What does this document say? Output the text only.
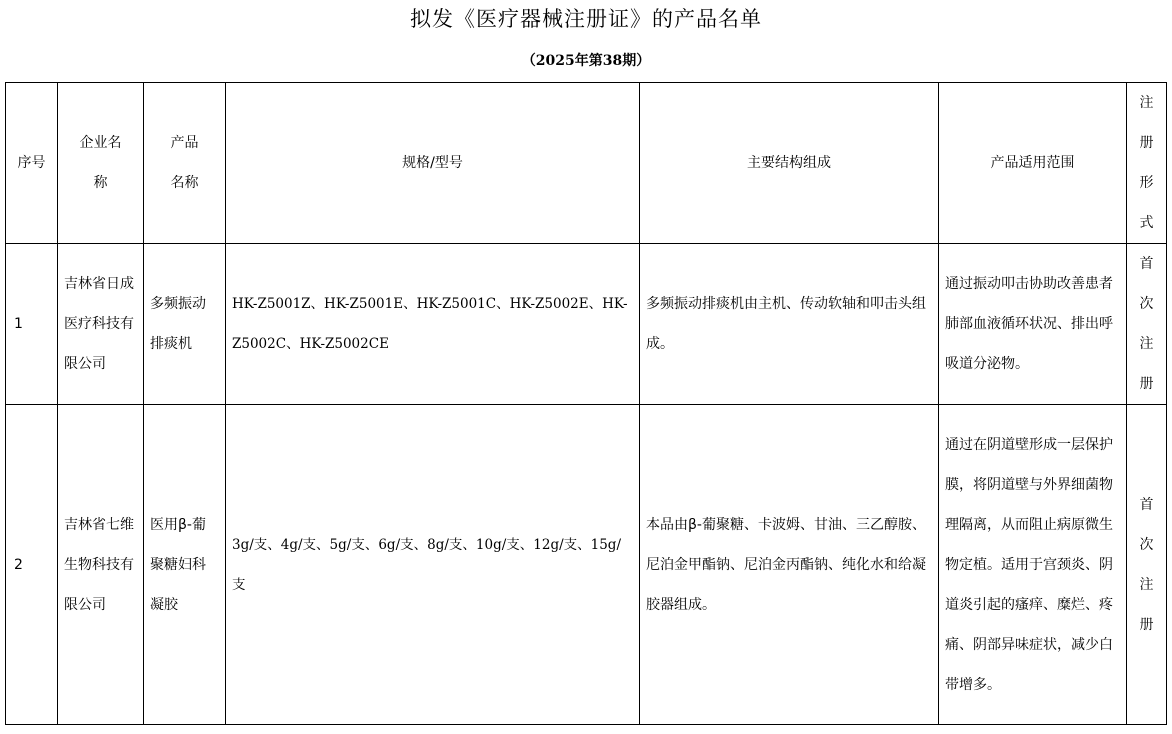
拟发《医疗器械注册证》的产品名单
（2025年第38期）
序号	企业名称	产品名称	规格/型号	主要结构组成	产品适用范围	注册形式
1	吉林省日成医疗科技有限公司	多频振动排痰机	HK-Z5001Z、HK-Z5001E、HK-Z5001C、HK-Z5002E、HK-Z5002C、HK-Z5002CE	多频振动排痰机由主机、传动软轴和叩击头组成。	通过振动叩击协助改善患者肺部血液循环状况、排出呼吸道分泌物。	首次注册
2	吉林省七维生物科技有限公司	医用β-葡聚糖妇科凝胶	3g/支、4g/支、5g/支、6g/支、8g/支、10g/支、12g/支、15g/支	本品由β-葡聚糖、卡波姆、甘油、三乙醇胺、尼泊金甲酯钠、尼泊金丙酯钠、纯化水和给凝胶器组成。	通过在阴道壁形成一层保护膜，将阴道壁与外界细菌物理隔离，从而阻止病原微生物定植。适用于宫颈炎、阴道炎引起的瘙痒、糜烂、疼痛、阴部异味症状，减少白带增多。	首次注册
